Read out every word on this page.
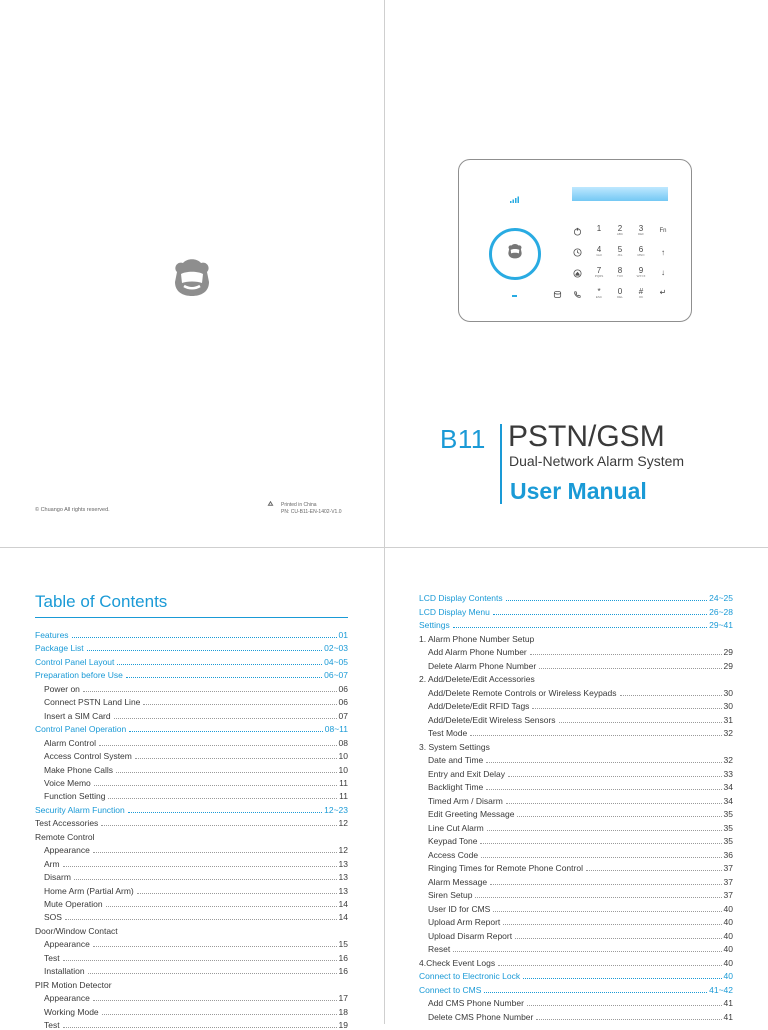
© Chuango All rights reserved.
Printed in China
PN: CU-B11-EN-1402-V1.0
1	2
ABC
3
DEF
4
GHI
5
JKL
6
MNO
7
PQRS
8
TUV
9
WXYZ
*
ESC
0
DEL
#
OK
Fn
↑
↓
↵
B11 PSTN/GSM
Dual-Network Alarm System
User Manual
Table of Contents
Features	01
Package List	02~03
Control Panel Layout	04~05
Preparation before Use	06~07
Power on	06
Connect PSTN Land Line	06
Insert a SIM Card	07
Control Panel Operation	08~11
Alarm Control	08
Access Control System	10
Make Phone Calls	10
Voice Memo	11
Function Setting	11
Security Alarm Function	12~23
Test Accessories	12
Remote Control
Appearance	12
Arm	13
Disarm	13
Home Arm (Partial Arm)	13
Mute Operation	14
SOS	14
Door/Window Contact
Appearance	15
Test	16
Installation	16
PIR Motion Detector
Appearance	17
Working Mode	18
Test	19
LCD Display Contents	24~25
LCD Display Menu	26~28
Settings	29~41
1. Alarm Phone Number Setup
Add Alarm Phone Number	29
Delete Alarm Phone Number	29
2. Add/Delete/Edit Accessories
Add/Delete Remote Controls or Wireless Keypads	30
Add/Delete/Edit RFID Tags	30
Add/Delete/Edit Wireless Sensors	31
Test Mode	32
3. System Settings
Date and Time	32
Entry and Exit Delay	33
Backlight Time	34
Timed Arm / Disarm	34
Edit Greeting Message	35
Line Cut Alarm	35
Keypad Tone	35
Access Code	36
Ringing Times for Remote Phone Control	37
Alarm Message	37
Siren Setup	37
User ID for CMS	40
Upload Arm Report	40
Upload Disarm Report	40
Reset	40
4.Check Event Logs	40
Connect to Electronic Lock	40
Connect to CMS	41~42
Add CMS Phone Number	41
Delete CMS Phone Number	41
